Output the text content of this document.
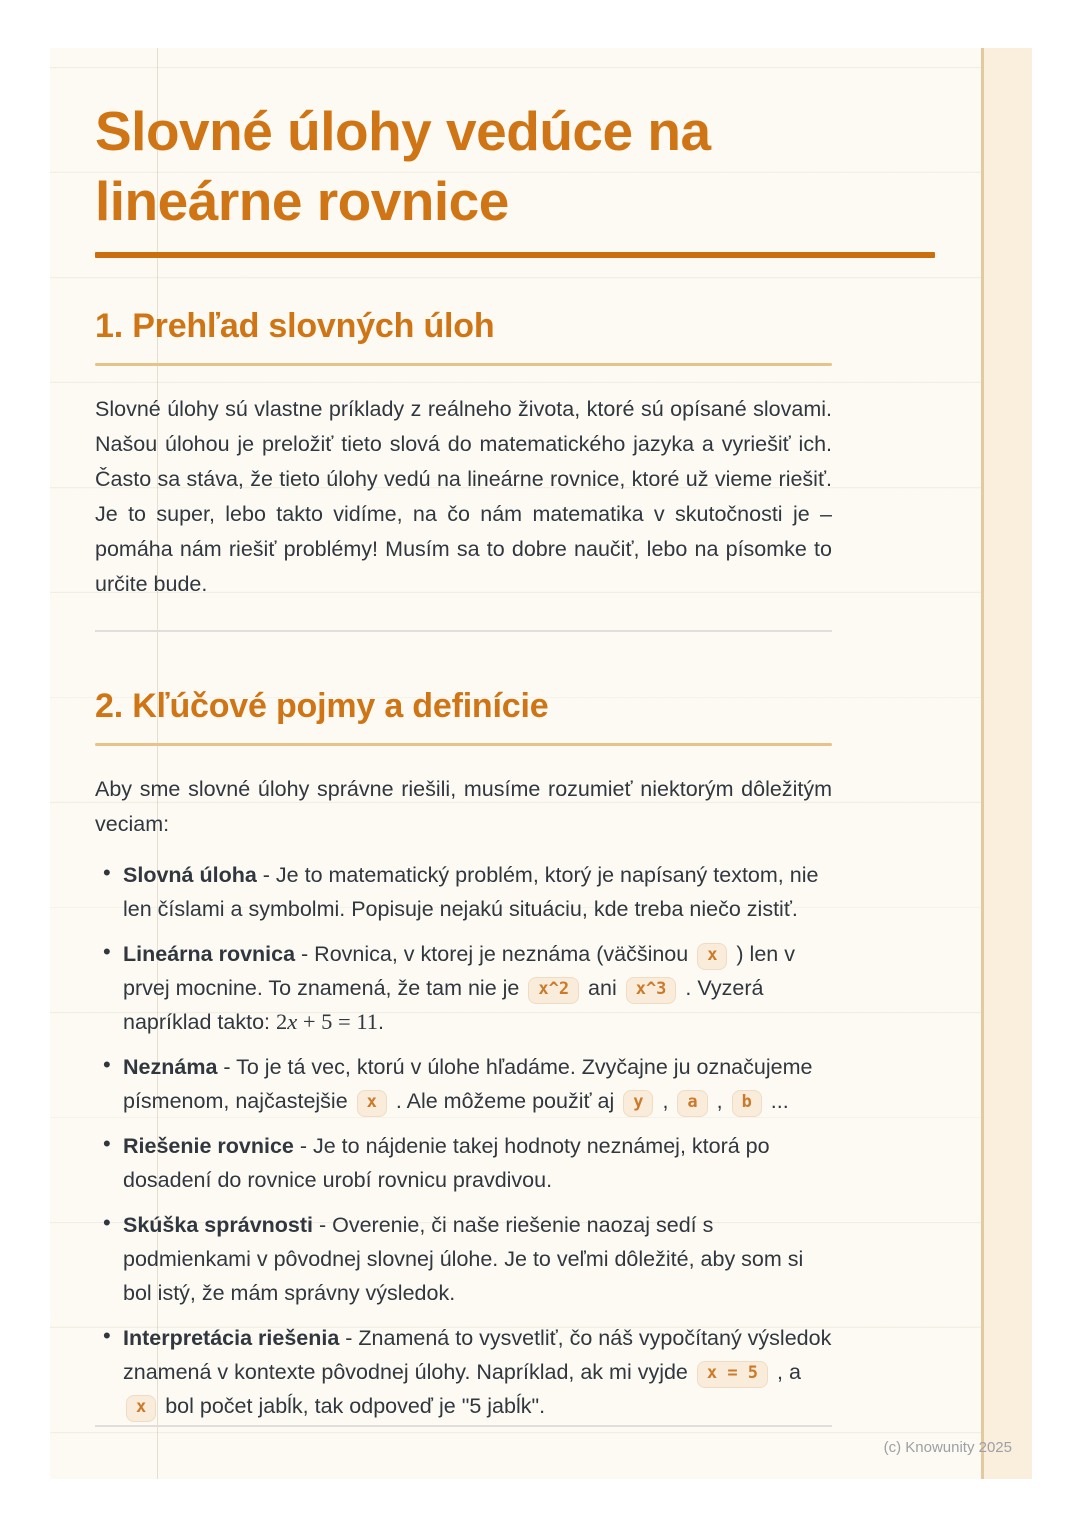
Slovné úlohy vedúce na
lineárne rovnice
1. Prehľad slovných úloh

Slovné úlohy sú vlastne príklady z reálneho života, ktoré sú opísané slovami. Našou úlohou je preložiť tieto slová do matematického jazyka a vyriešiť ich. Často sa stáva, že tieto úlohy vedú na lineárne rovnice, ktoré už vieme riešiť. Je to super, lebo takto vidíme, na čo nám matematika v skutočnosti je – pomáha nám riešiť problémy! Musím sa to dobre naučiť, lebo na písomke to určite bude.

2. Kľúčové pojmy a definície

Aby sme slovné úlohy správne riešili, musíme rozumieť niektorým dôležitým veciam:

• Slovná úloha - Je to matematický problém, ktorý je napísaný textom, nie len číslami a symbolmi. Popisuje nejakú situáciu, kde treba niečo zistiť.
• Lineárna rovnica - Rovnica, v ktorej je neznáma (väčšinou x ) len v prvej mocnine. To znamená, že tam nie je x^2 ani x^3 . Vyzerá napríklad takto: 2x + 5 = 11.
• Neznáma - To je tá vec, ktorú v úlohe hľadáme. Zvyčajne ju označujeme písmenom, najčastejšie x . Ale môžeme použiť aj y , a , b ...
• Riešenie rovnice - Je to nájdenie takej hodnoty neznámej, ktorá po dosadení do rovnice urobí rovnicu pravdivou.
• Skúška správnosti - Overenie, či naše riešenie naozaj sedí s podmienkami v pôvodnej slovnej úlohe. Je to veľmi dôležité, aby som si bol istý, že mám správny výsledok.
• Interpretácia riešenia - Znamená to vysvetliť, čo náš vypočítaný výsledok znamená v kontexte pôvodnej úlohy. Napríklad, ak mi vyjde x = 5 , a x bol počet jabĺk, tak odpoveď je "5 jabĺk".
(c) Knowunity 2025
